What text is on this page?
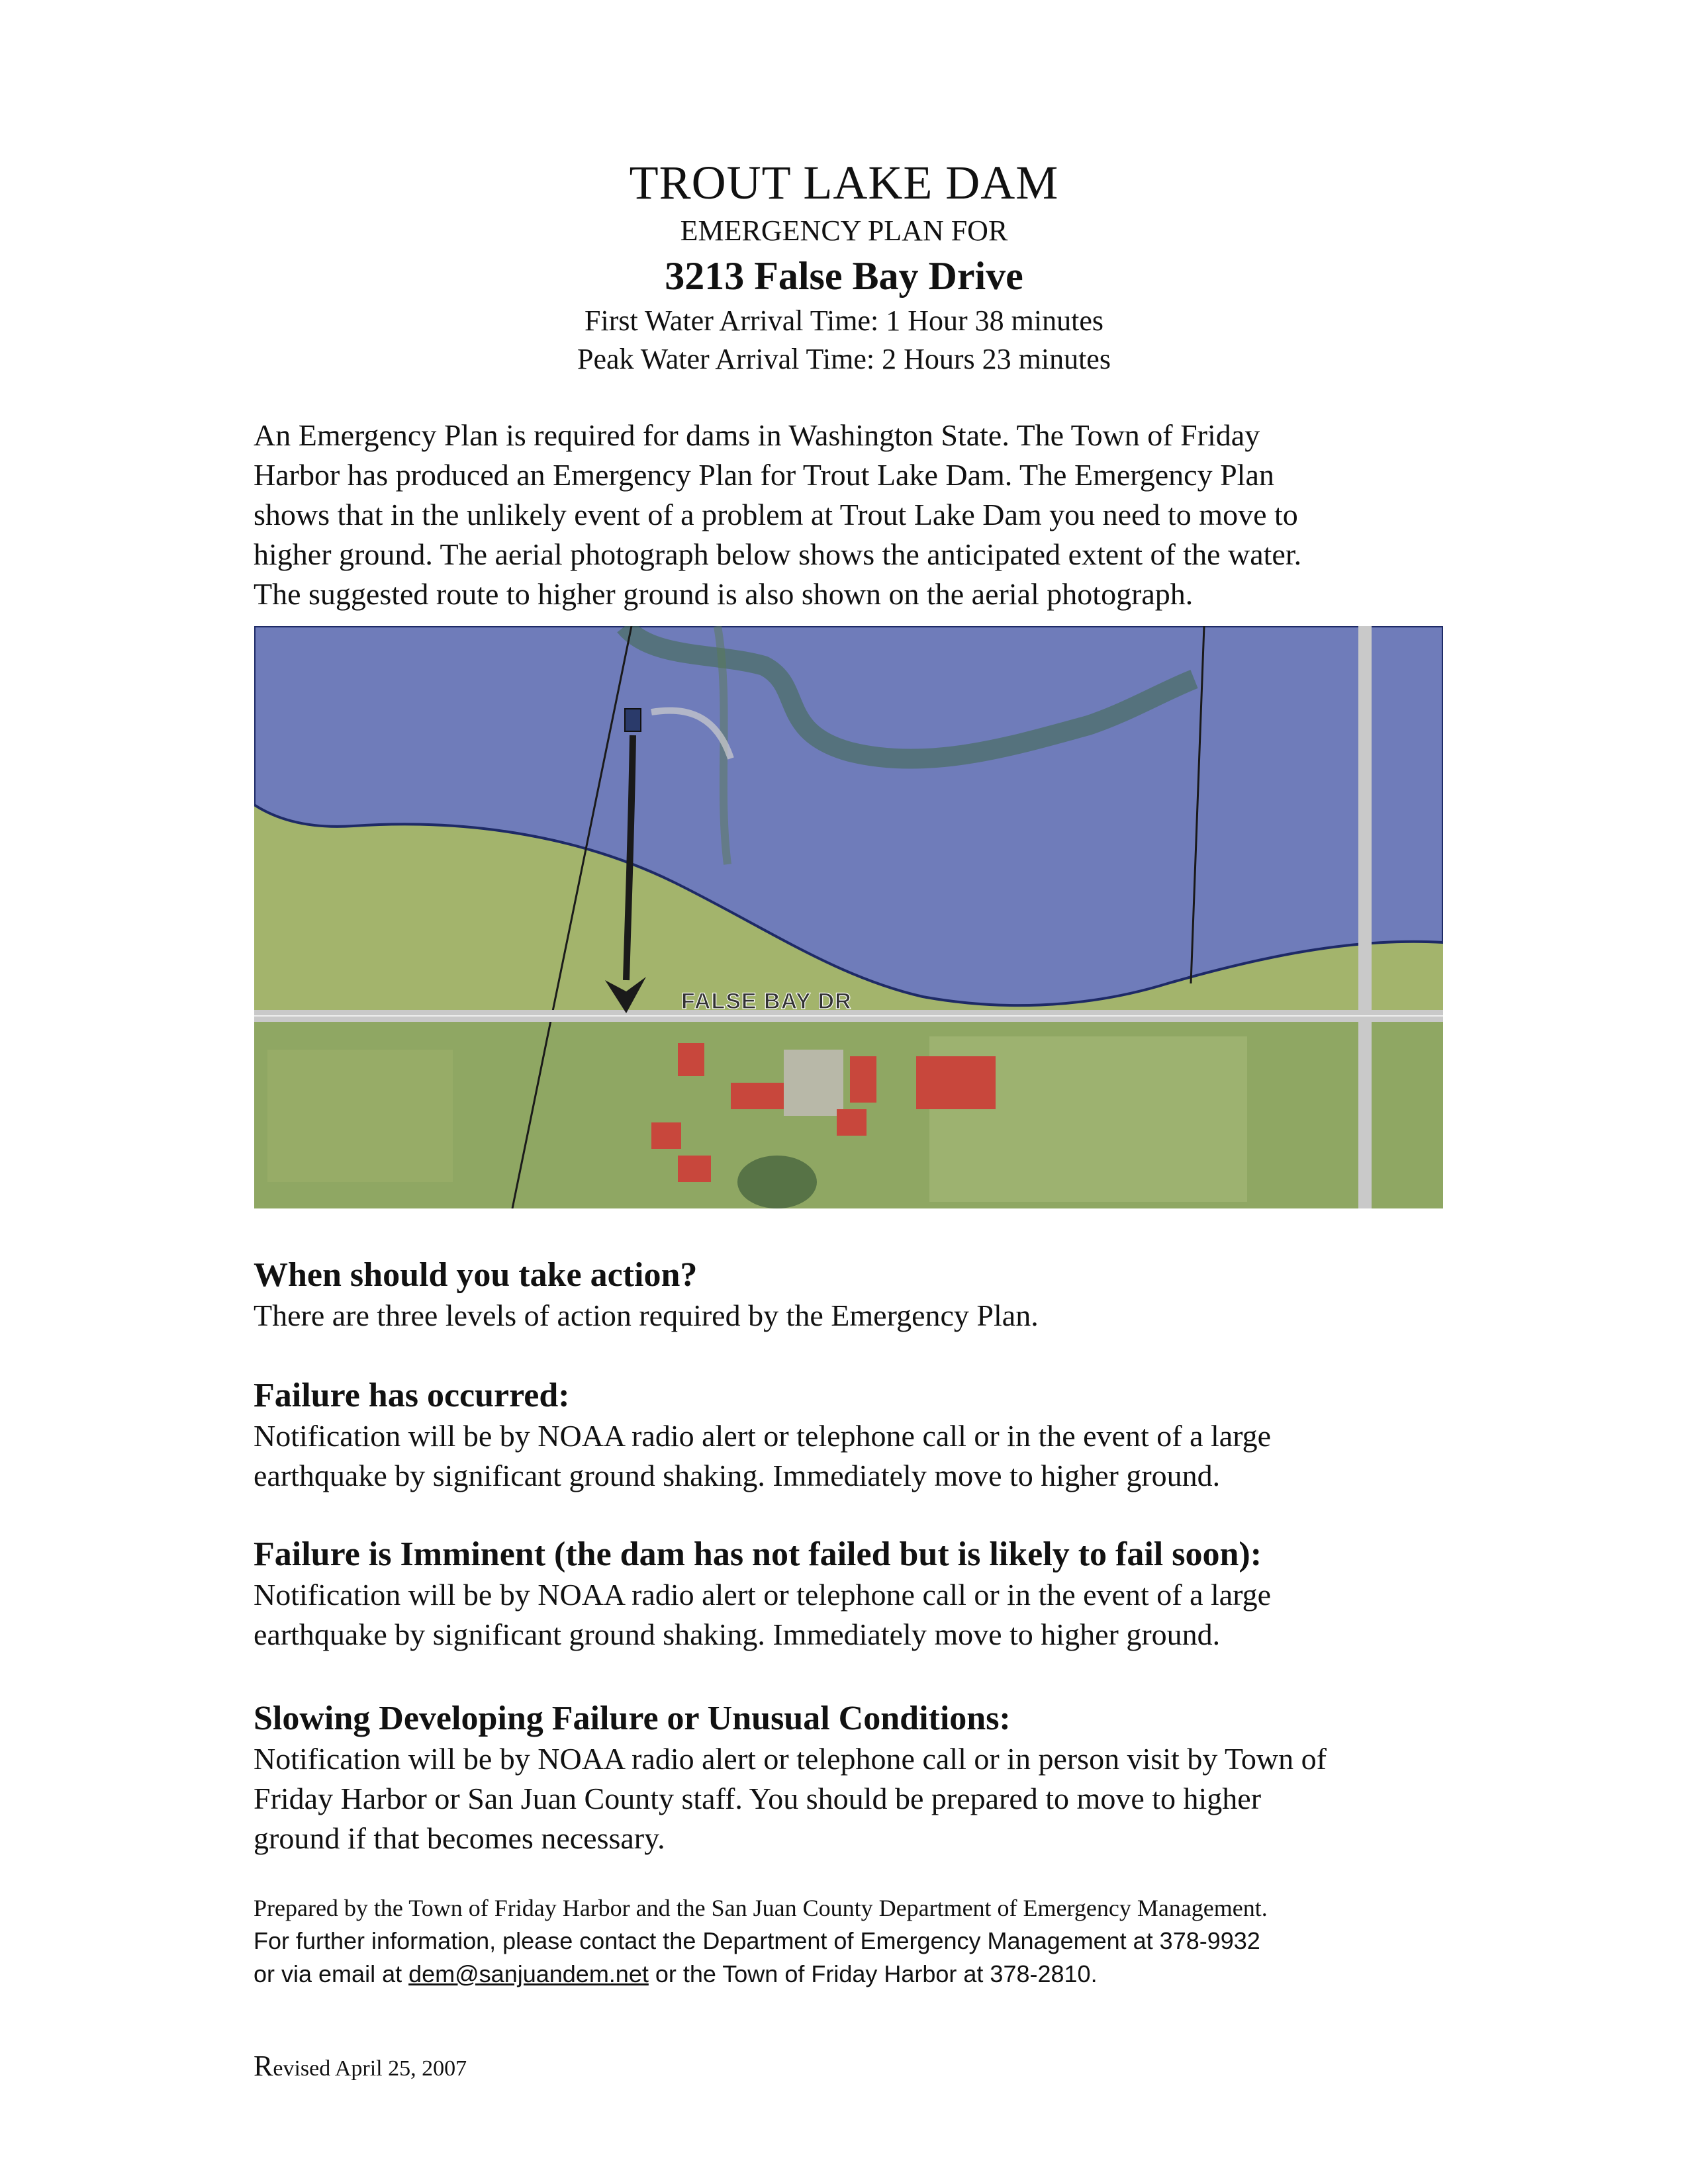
TROUT LAKE DAM
EMERGENCY PLAN FOR
3213 False Bay Drive
First Water Arrival Time: 1 Hour 38 minutes
Peak Water Arrival Time: 2 Hours 23 minutes
An Emergency Plan is required for dams in Washington State. The Town of Friday
Harbor has produced an Emergency Plan for Trout Lake Dam. The Emergency Plan
shows that in the unlikely event of a problem at Trout Lake Dam you need to move to
higher ground. The aerial photograph below shows the anticipated extent of the water.
The suggested route to higher ground is also shown on the aerial photograph.
FALSE BAY DR
When should you take action?
There are three levels of action required by the Emergency Plan.
Failure has occurred:
Notification will be by NOAA radio alert or telephone call or in the event of a large
earthquake by significant ground shaking. Immediately move to higher ground.
Failure is Imminent (the dam has not failed but is likely to fail soon):
Notification will be by NOAA radio alert or telephone call or in the event of a large
earthquake by significant ground shaking. Immediately move to higher ground.
Slowing Developing Failure or Unusual Conditions:
Notification will be by NOAA radio alert or telephone call or in person visit by Town of
Friday Harbor or San Juan County staff. You should be prepared to move to higher
ground if that becomes necessary.
Prepared by the Town of Friday Harbor and the San Juan County Department of Emergency Management.
For further information, please contact the Department of Emergency Management at 378-9932
or via email at dem@sanjuandem.net or the Town of Friday Harbor at 378-2810.
Revised April 25, 2007
